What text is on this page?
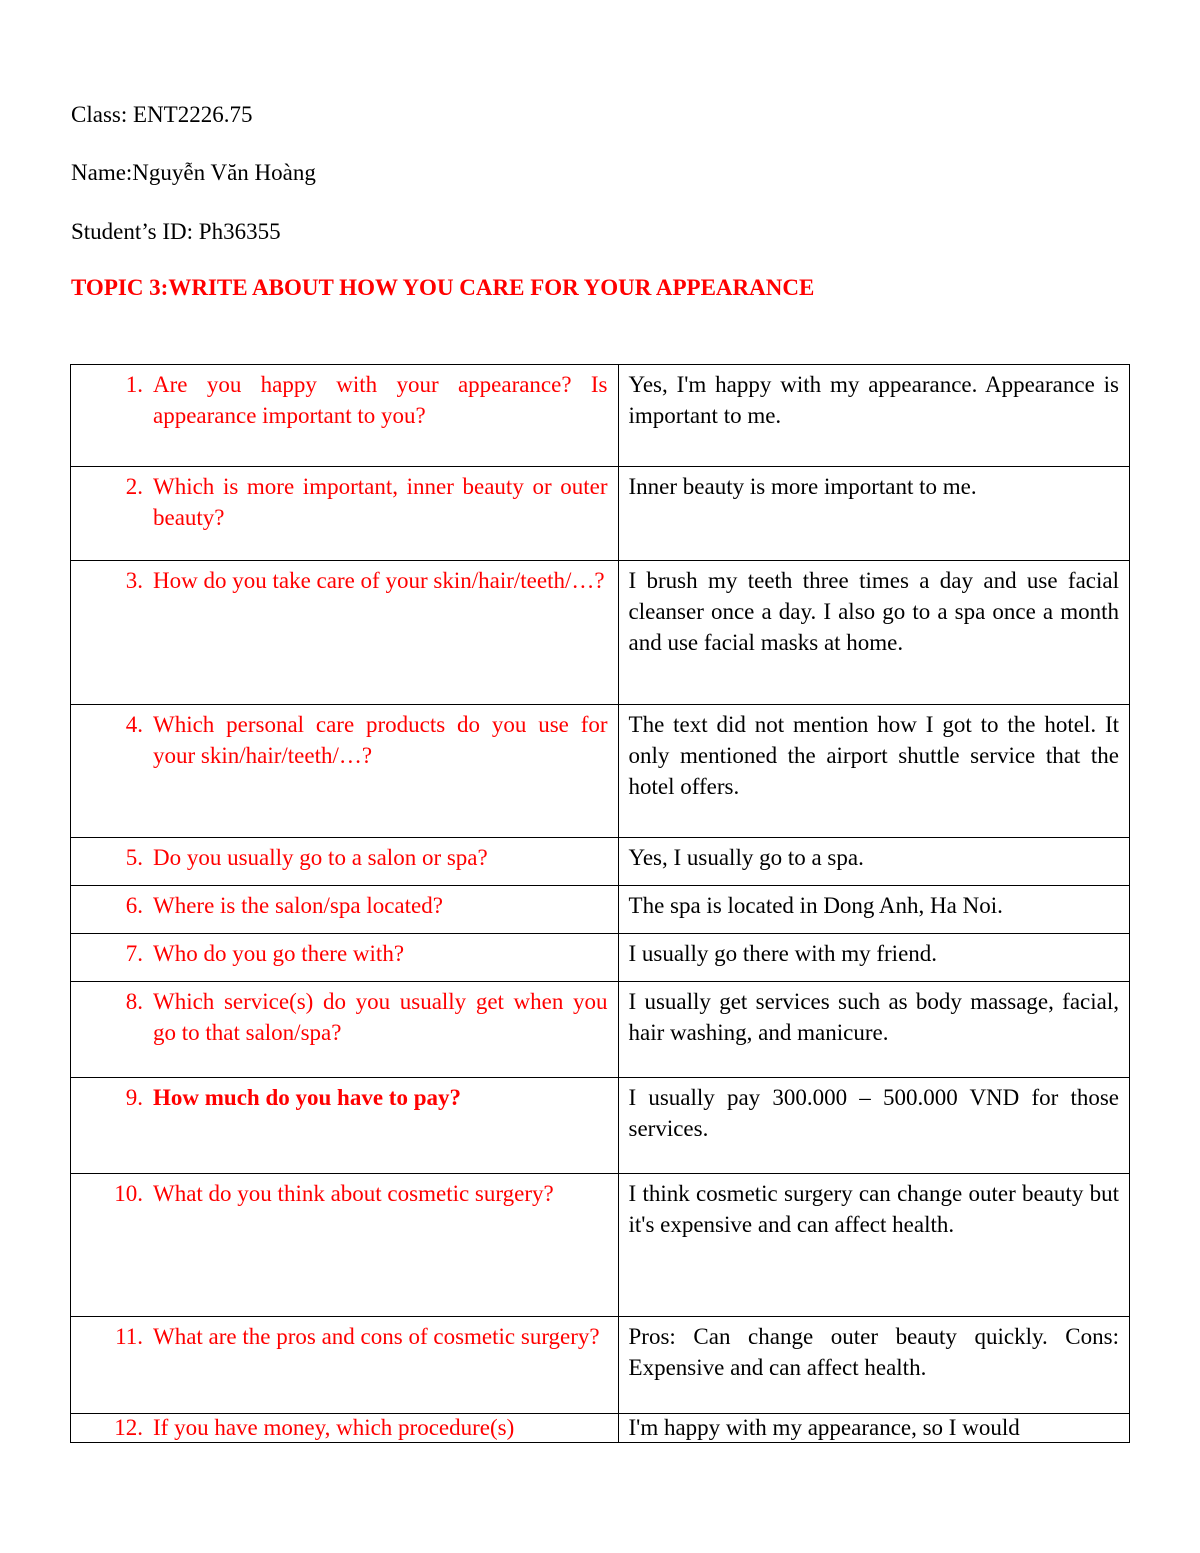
Class: ENT2226.75
Name:Nguyễn Văn Hoàng
Student’s ID: Ph36355
TOPIC 3:WRITE ABOUT HOW YOU CARE FOR YOUR APPEARANCE
1. Are you happy with your appearance? Is appearance important to you?	Yes, I'm happy with my appearance. Appearance is important to me.

2. Which is more important, inner beauty or outer beauty?	Inner beauty is more important to me.

3. How do you take care of your skin/hair/teeth/…?	I brush my teeth three times a day and use facial cleanser once a day. I also go to a spa once a month and use facial masks at home.

4. Which personal care products do you use for your skin/hair/teeth/…?	The text did not mention how I got to the hotel. It only mentioned the airport shuttle service that the hotel offers.

5. Do you usually go to a salon or spa?	Yes, I usually go to a spa.

6. Where is the salon/spa located?	The spa is located in Dong Anh, Ha Noi.

7. Who do you go there with?	I usually go there with my friend.

8. Which service(s) do you usually get when you go to that salon/spa?	I usually get services such as body massage, facial, hair washing, and manicure.

9. How much do you have to pay?	I usually pay 300.000 – 500.000 VND for those services.

10. What do you think about cosmetic surgery?	I think cosmetic surgery can change outer beauty but it's expensive and can affect health.

11. What are the pros and cons of cosmetic surgery?	Pros: Can change outer beauty quickly. Cons: Expensive and can affect health.

12. If you have money, which procedure(s)	I'm happy with my appearance, so I would
